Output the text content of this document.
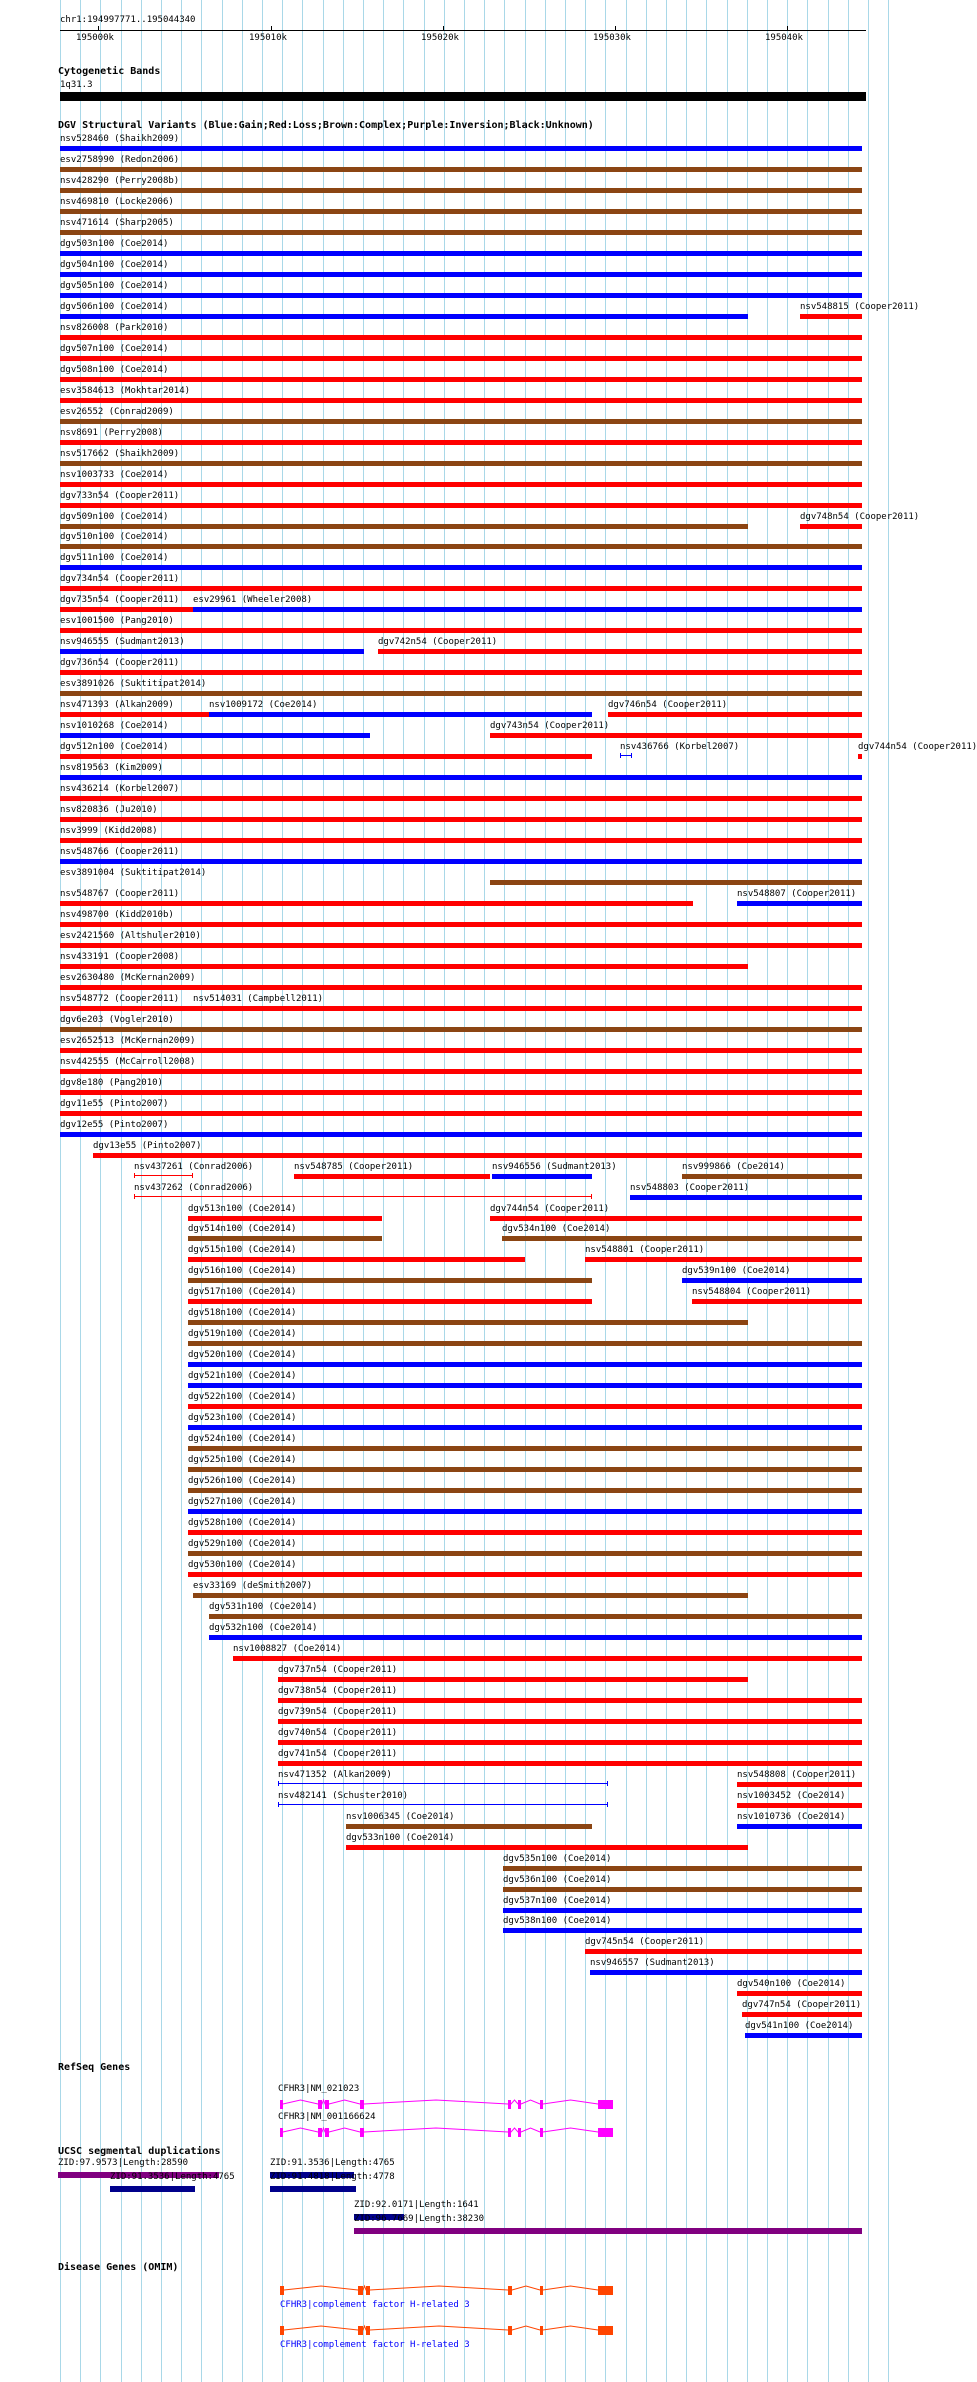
chr1:194997771..195044340
195000k	195010k	195020k	195030k	195040k
Cytogenetic Bands
1q31.3
DGV Structural Variants (Blue:Gain;Red:Loss;Brown:Complex;Purple:Inversion;Black:Unknown)
nsv528460 (Shaikh2009)
esv2758990 (Redon2006)
nsv428290 (Perry2008b)
nsv469810 (Locke2006)
nsv471614 (Sharp2005)
dgv503n100 (Coe2014)
dgv504n100 (Coe2014)
dgv505n100 (Coe2014)
dgv506n100 (Coe2014)	nsv548815 (Cooper2011)
nsv826008 (Park2010)
dgv507n100 (Coe2014)
dgv508n100 (Coe2014)
esv3584613 (Mokhtar2014)
esv26552 (Conrad2009)
nsv8691 (Perry2008)
nsv517662 (Shaikh2009)
nsv1003733 (Coe2014)
dgv733n54 (Cooper2011)
dgv509n100 (Coe2014)	dgv748n54 (Cooper2011)
dgv510n100 (Coe2014)
dgv511n100 (Coe2014)
dgv734n54 (Cooper2011)
dgv735n54 (Cooper2011) esv29961 (Wheeler2008)
esv1001500 (Pang2010)
nsv946555 (Sudmant2013)	dgv742n54 (Cooper2011)
dgv736n54 (Cooper2011)
esv3891026 (Suktitipat2014)
nsv471393 (Alkan2009)	nsv1009172 (Coe2014)	dgv746n54 (Cooper2011)
nsv1010268 (Coe2014)	dgv743n54 (Cooper2011)
dgv512n100 (Coe2014)	nsv436766 (Korbel2007)	dgv744n54 (Cooper2011)
nsv819563 (Kim2009)
nsv436214 (Korbel2007)
nsv820836 (Ju2010)
nsv3999 (Kidd2008)
nsv548766 (Cooper2011)
esv3891004 (Suktitipat2014)
nsv548767 (Cooper2011)	nsv548807 (Cooper2011)
nsv498700 (Kidd2010b)
esv2421560 (Altshuler2010)
nsv433191 (Cooper2008)
esv2630480 (McKernan2009)
nsv548772 (Cooper2011) nsv514031 (Campbell2011)
dgv6e203 (Vogler2010)
esv2652513 (McKernan2009)
nsv442555 (McCarroll2008)
dgv8e180 (Pang2010)
dgv11e55 (Pinto2007)
dgv12e55 (Pinto2007)
dgv13e55 (Pinto2007)
nsv437261 (Conrad2006)	nsv548785 (Cooper2011)	nsv946556 (Sudmant2013)	nsv999866 (Coe2014)
nsv437262 (Conrad2006)	nsv548803 (Cooper2011)
dgv513n100 (Coe2014)	dgv744n54 (Cooper2011)
dgv514n100 (Coe2014)	dgv534n100 (Coe2014)
dgv515n100 (Coe2014)	nsv548801 (Cooper2011)
dgv516n100 (Coe2014)	dgv539n100 (Coe2014)
dgv517n100 (Coe2014)	nsv548804 (Cooper2011)
dgv518n100 (Coe2014)
dgv519n100 (Coe2014)
dgv520n100 (Coe2014)
dgv521n100 (Coe2014)
dgv522n100 (Coe2014)
dgv523n100 (Coe2014)
dgv524n100 (Coe2014)
dgv525n100 (Coe2014)
dgv526n100 (Coe2014)
dgv527n100 (Coe2014)
dgv528n100 (Coe2014)
dgv529n100 (Coe2014)
dgv530n100 (Coe2014)
esv33169 (deSmith2007)
dgv531n100 (Coe2014)
dgv532n100 (Coe2014)
nsv1008827 (Coe2014)
dgv737n54 (Cooper2011)
dgv738n54 (Cooper2011)
dgv739n54 (Cooper2011)
dgv740n54 (Cooper2011)
dgv741n54 (Cooper2011)
nsv471352 (Alkan2009)	nsv548808 (Cooper2011)
nsv482141 (Schuster2010)	nsv1003452 (Coe2014)
nsv1006345 (Coe2014)	nsv1010736 (Coe2014)
dgv533n100 (Coe2014)
dgv535n100 (Coe2014)
dgv536n100 (Coe2014)
dgv537n100 (Coe2014)
dgv538n100 (Coe2014)
dgv745n54 (Cooper2011)
nsv946557 (Sudmant2013)
dgv540n100 (Coe2014)
dgv747n54 (Cooper2011)
dgv541n100 (Coe2014)
RefSeq Genes
CFHR3|NM_021023
CFHR3|NM_001166624
UCSC segmental duplications
ZID:97.9573|Length:28590
ZID:91.3536|Length:4765
ZID:91.3536|Length:4765
ZID:91.4818|Length:4778
ZID:92.0171|Length:1641
ZID:96.7669|Length:38230
Disease Genes (OMIM)
CFHR3|complement factor H-related 3
CFHR3|complement factor H-related 3
